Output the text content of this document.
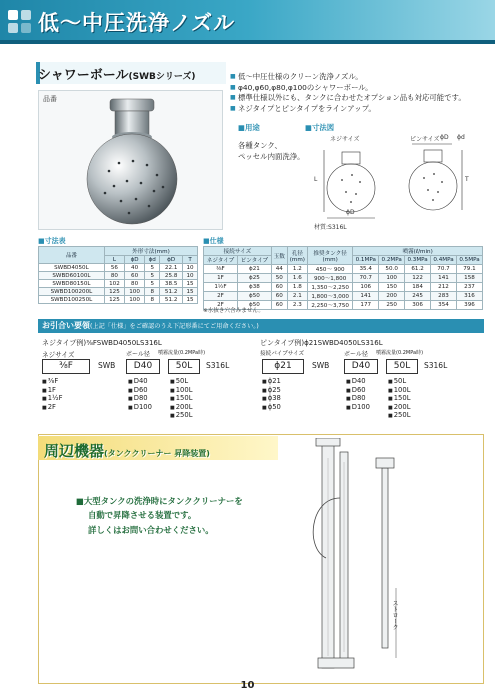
低～中圧洗浄ノズル
シャワーボール(SWBシリーズ)
品番
■ 低～中圧仕様のクリーン洗浄ノズル。
■ φ40,φ60,φ80,φ100のシャワーボール。
■ 標準仕様以外にも、タンクに合わせたオプション品も対応可能です。
■ ネジタイプとピンタイプをラインアップ。
■用途
各種タンク、
ペッセル内面洗浄。
■寸法図
ネジサイズ	ピンサイズ ϕD ϕd
L	T
ϕD
材質:S316L
■寸法表
品番	外形寸法(mm)				
	L	ϕD	ϕd	ϕD	T
SWBD4050L	56	40	5	22.1	10
SWBD60100L	80	60	5	25.8	10
SWBD80150L	102	80	5	38.5	15
SWBD100200L	125	100	8	51.2	15
SWBD100250L	125	100	8	51.2	15
■仕様
接続サイズ		玉数	孔径
(mm)	推奨タンク径
(mm)	噴霧(ℓ/min)				
ネジタイプ	ピンタイプ				0.1MPa	0.2MPa	0.3MPa	0.4MPa	0.5MPa
⅜F	ϕ21	44	1.2	450～ 900	35.4	50.0	61.2	70.7	79.1
1F	ϕ25	50	1.6	900～1,800	70.7	100	122	141	158
1½F	ϕ38	60	1.8	1,350～2,250	106	150	184	212	237
2F	ϕ50	60	2.1	1,800～3,000	141	200	245	283	316
2F	ϕ50	60	2.3	2,250～3,750	177	250	306	354	396
※水抜き穴含みません。
お引合い要領(上記「仕様」をご確認のうえ下記形番にてご用命ください。)
ネジタイプ例)⅜FSWBD4050LS316L
ネジサイズ	ボール径 噴霧流量(0.2MPa時)
⅜F	SWB	D40	50L	S316L
■ ⅜F
■ 1F
■ 1½F
■ 2F
■ D40
■ D60
■ D80
■ D100
■ 50L
■ 100L
■ 150L
■ 200L
■ 250L
ピンタイプ例)ϕ21SWBD4050LS316L
接続パイプサイズ	ボール径 噴霧流量(0.2MPa時)
ϕ21	SWB	D40	50L	S316L
■ ϕ21
■ ϕ25
■ ϕ38
■ ϕ50
■ D40
■ D60
■ D80
■ D100
■ 50L
■ 100L
■ 150L
■ 200L
■ 250L
周辺機器(タンククリーナー 昇降装置)
■大型タンクの洗浄時にタンククリーナーを
自動で昇降させる装置です。
詳しくはお問い合わせください。
ストローク
10
